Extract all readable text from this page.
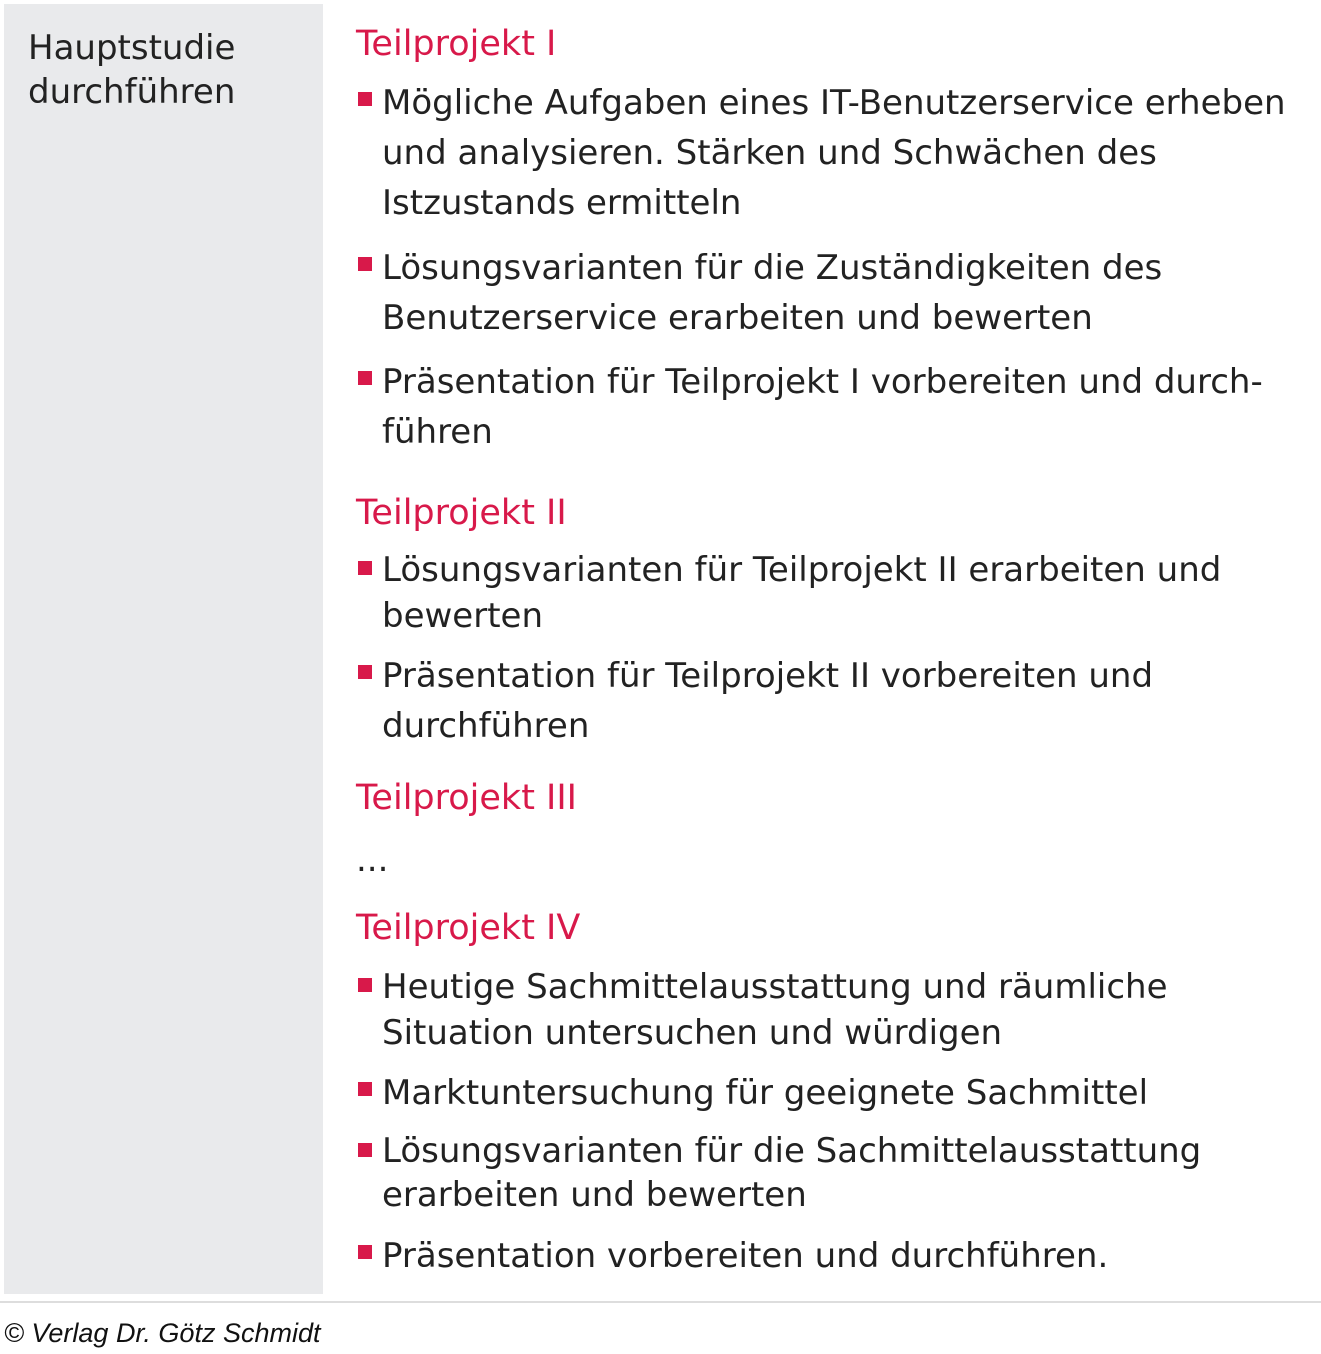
Hauptstudie
durchführen
Teilprojekt I
Mögliche Aufgaben eines IT-Benutzerservice erheben und analysieren. Stärken und Schwächen des Istzustands ermitteln
Lösungsvarianten für die Zuständigkeiten des Benutzerservice erarbeiten und bewerten
Präsentation für Teilprojekt I vorbereiten und durch-führen
Teilprojekt II
Lösungsvarianten für Teilprojekt II erarbeiten und bewerten
Präsentation für Teilprojekt II vorbereiten und durchführen
Teilprojekt III
...
Teilprojekt IV
Heutige Sachmittelausstattung und räumliche Situation untersuchen und würdigen
Marktuntersuchung für geeignete Sachmittel
Lösungsvarianten für die Sachmittelausstattung erarbeiten und bewerten
Präsentation vorbereiten und durchführen.
© Verlag Dr. Götz Schmidt
